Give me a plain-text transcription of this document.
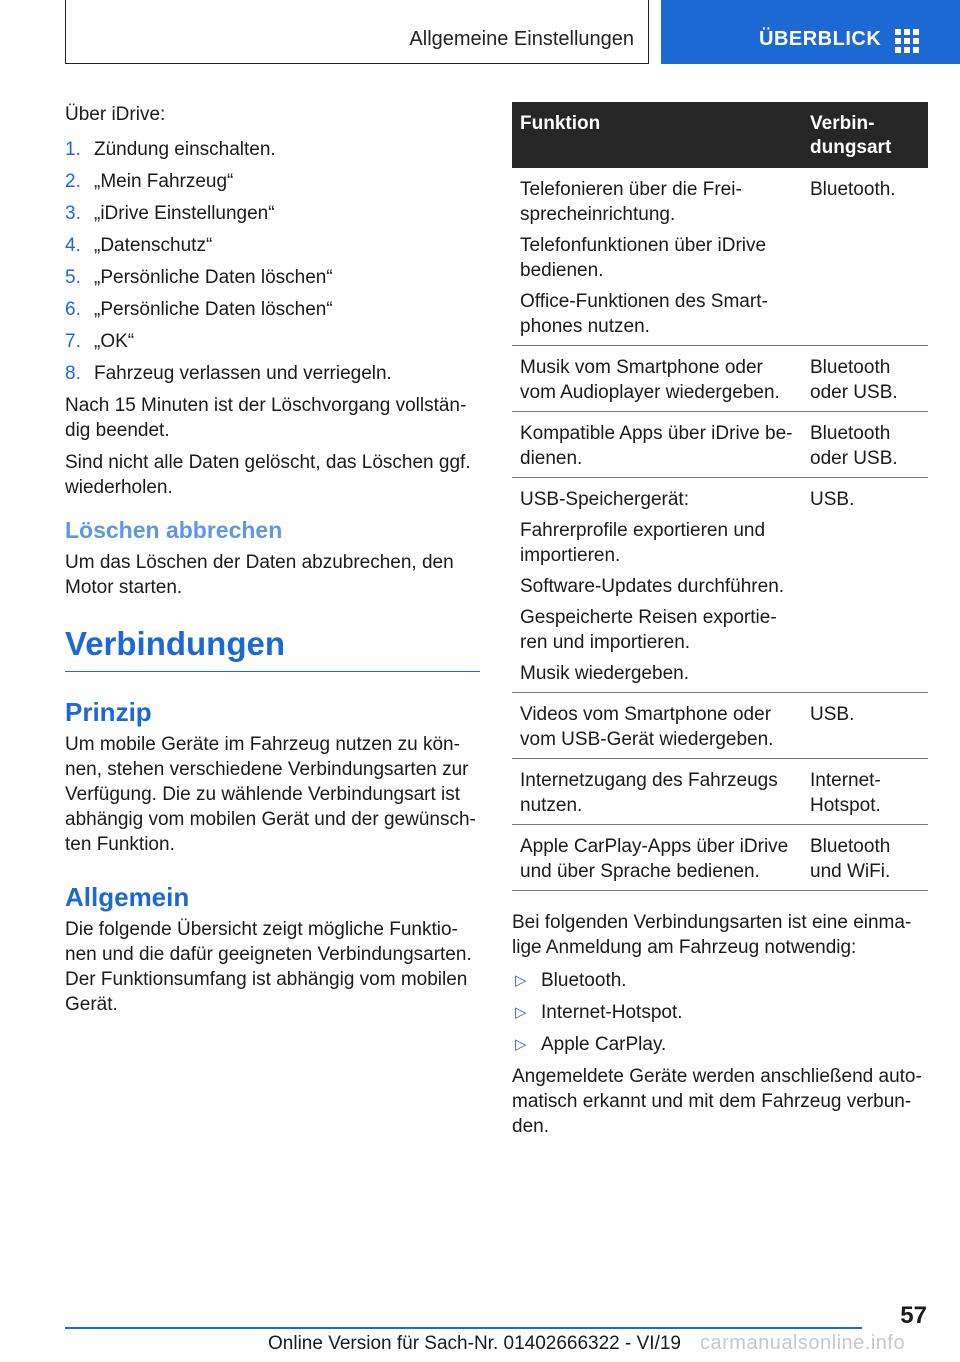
Allgemeine Einstellungen	ÜBERBLICK

Über iDrive:

1. Zündung einschalten.
2. „Mein Fahrzeug“
3. „iDrive Einstellungen“
4. „Datenschutz“
5. „Persönliche Daten löschen“
6. „Persönliche Daten löschen“
7. „OK“
8. Fahrzeug verlassen und verriegeln.

Nach 15 Minuten ist der Löschvorgang vollständig beendet.

Sind nicht alle Daten gelöscht, das Löschen ggf. wiederholen.

Löschen abbrechen

Um das Löschen der Daten abzubrechen, den Motor starten.

Verbindungen
Prinzip

Um mobile Geräte im Fahrzeug nutzen zu können, stehen verschiedene Verbindungsarten zur Verfügung. Die zu wählende Verbindungsart ist abhängig vom mobilen Gerät und der gewünschten Funktion.

Allgemein

Die folgende Übersicht zeigt mögliche Funktionen und die dafür geeigneten Verbindungsarten. Der Funktionsumfang ist abhängig vom mobilen Gerät.

Funktion	Verbindungsart

Telefonieren über die Freisprecheinrichtung.
Telefonfunktionen über iDrive bedienen.
Office-Funktionen des Smartphones nutzen.	Bluetooth.

Musik vom Smartphone oder vom Audioplayer wiedergeben.	Bluetooth oder USB.

Kompatible Apps über iDrive bedienen.	Bluetooth oder USB.

USB-Speichergerät:
Fahrerprofile exportieren und importieren.
Software-Updates durchführen.
Gespeicherte Reisen exportieren und importieren.
Musik wiedergeben.	USB.

Videos vom Smartphone oder vom USB-Gerät wiedergeben.	USB.

Internetzugang des Fahrzeugs nutzen.	Internet-Hotspot.

Apple CarPlay-Apps über iDrive und über Sprache bedienen.	Bluetooth und WiFi.

Bei folgenden Verbindungsarten ist eine einmalige Anmeldung am Fahrzeug notwendig:

▷ Bluetooth.
▷ Internet-Hotspot.
▷ Apple CarPlay.

Angemeldete Geräte werden anschließend automatisch erkannt und mit dem Fahrzeug verbunden.

57
Online Version für Sach-Nr. 01402666322 - VI/19 carmanualsonline.info
